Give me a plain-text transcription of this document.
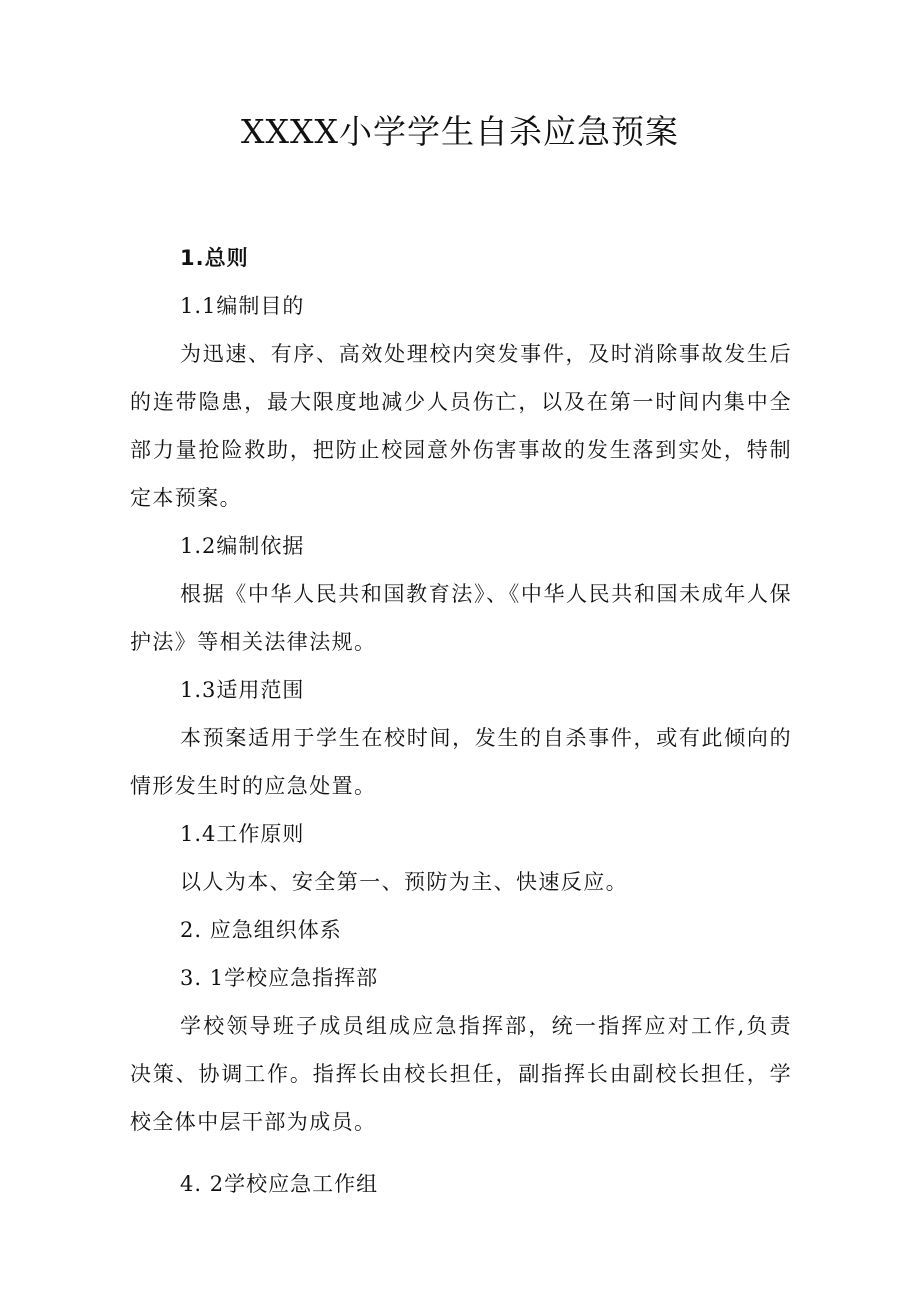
XXXX小学学生自杀应急预案
1.总则
1.1编制目的

为迅速、有序、高效处理校内突发事件，及时消除事故发生后的连带隐患，最大限度地减少人员伤亡，以及在第一时间内集中全部力量抢险救助，把防止校园意外伤害事故的发生落到实处，特制定本预案。

1.2编制依据

根据《中华人民共和国教育法》、《中华人民共和国未成年人保护法》等相关法律法规。

1.3适用范围

本预案适用于学生在校时间，发生的自杀事件，或有此倾向的情形发生时的应急处置。

1.4工作原则

以人为本、安全第一、预防为主、快速反应。

2. 应急组织体系
3. 1学校应急指挥部

学校领导班子成员组成应急指挥部，统一指挥应对工作,负责决策、协调工作。指挥长由校长担任，副指挥长由副校长担任，学校全体中层干部为成员。

4. 2学校应急工作组
